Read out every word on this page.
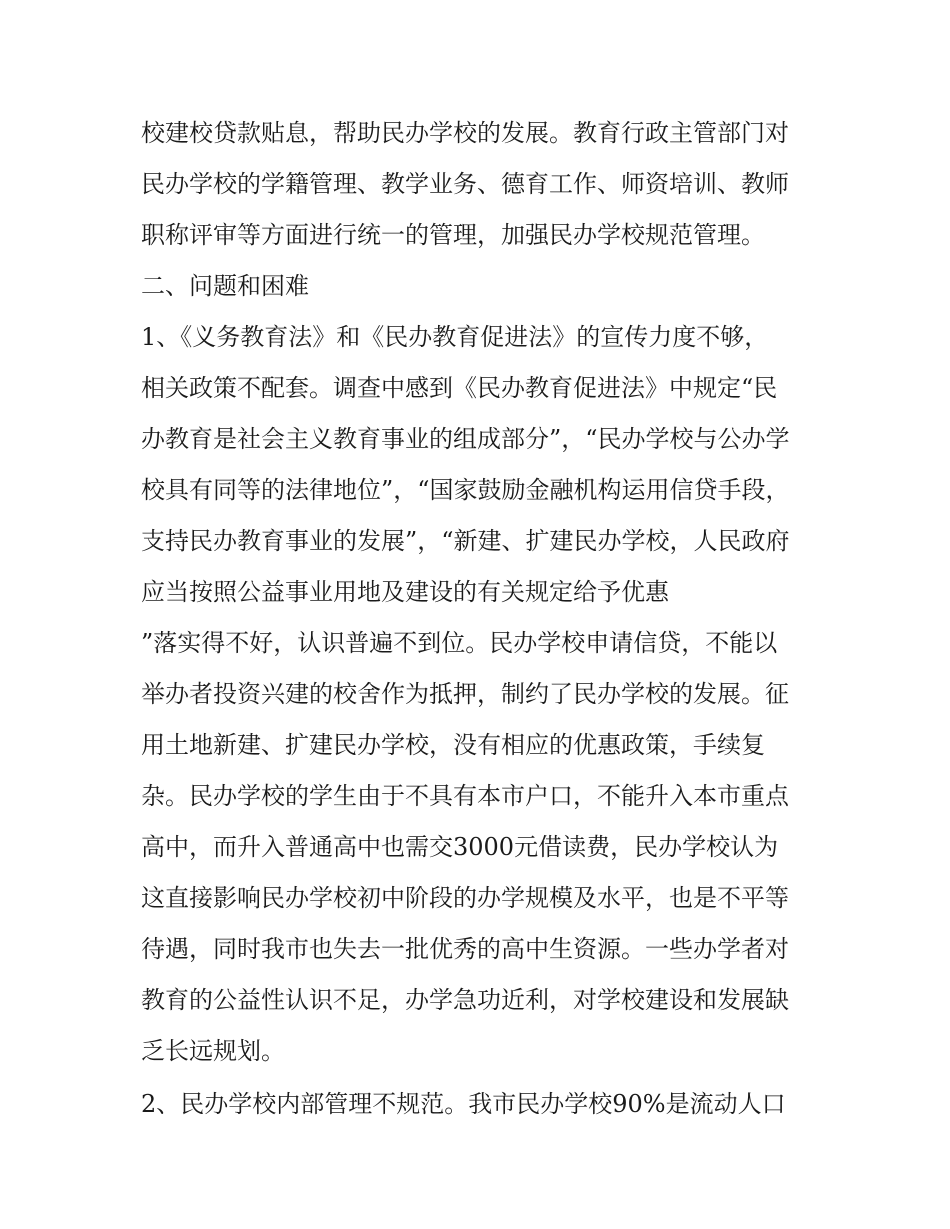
校建校贷款贴息，帮助民办学校的发展。教育行政主管部门对
民办学校的学籍管理、教学业务、德育工作、师资培训、教师
职称评审等方面进行统一的管理，加强民办学校规范管理。
二、问题和困难
1、《义务教育法》和《民办教育促进法》的宣传力度不够，
相关政策不配套。调查中感到《民办教育促进法》中规定“民
办教育是社会主义教育事业的组成部分”，“民办学校与公办学
校具有同等的法律地位”，“国家鼓励金融机构运用信贷手段，
支持民办教育事业的发展”，“新建、扩建民办学校，人民政府
应当按照公益事业用地及建设的有关规定给予优惠
”落实得不好，认识普遍不到位。民办学校申请信贷，不能以
举办者投资兴建的校舍作为抵押，制约了民办学校的发展。征
用土地新建、扩建民办学校，没有相应的优惠政策，手续复
杂。民办学校的学生由于不具有本市户口，不能升入本市重点
高中，而升入普通高中也需交3000元借读费，民办学校认为
这直接影响民办学校初中阶段的办学规模及水平，也是不平等
待遇，同时我市也失去一批优秀的高中生资源。一些办学者对
教育的公益性认识不足，办学急功近利，对学校建设和发展缺
乏长远规划。
2、民办学校内部管理不规范。我市民办学校90%是流动人口
